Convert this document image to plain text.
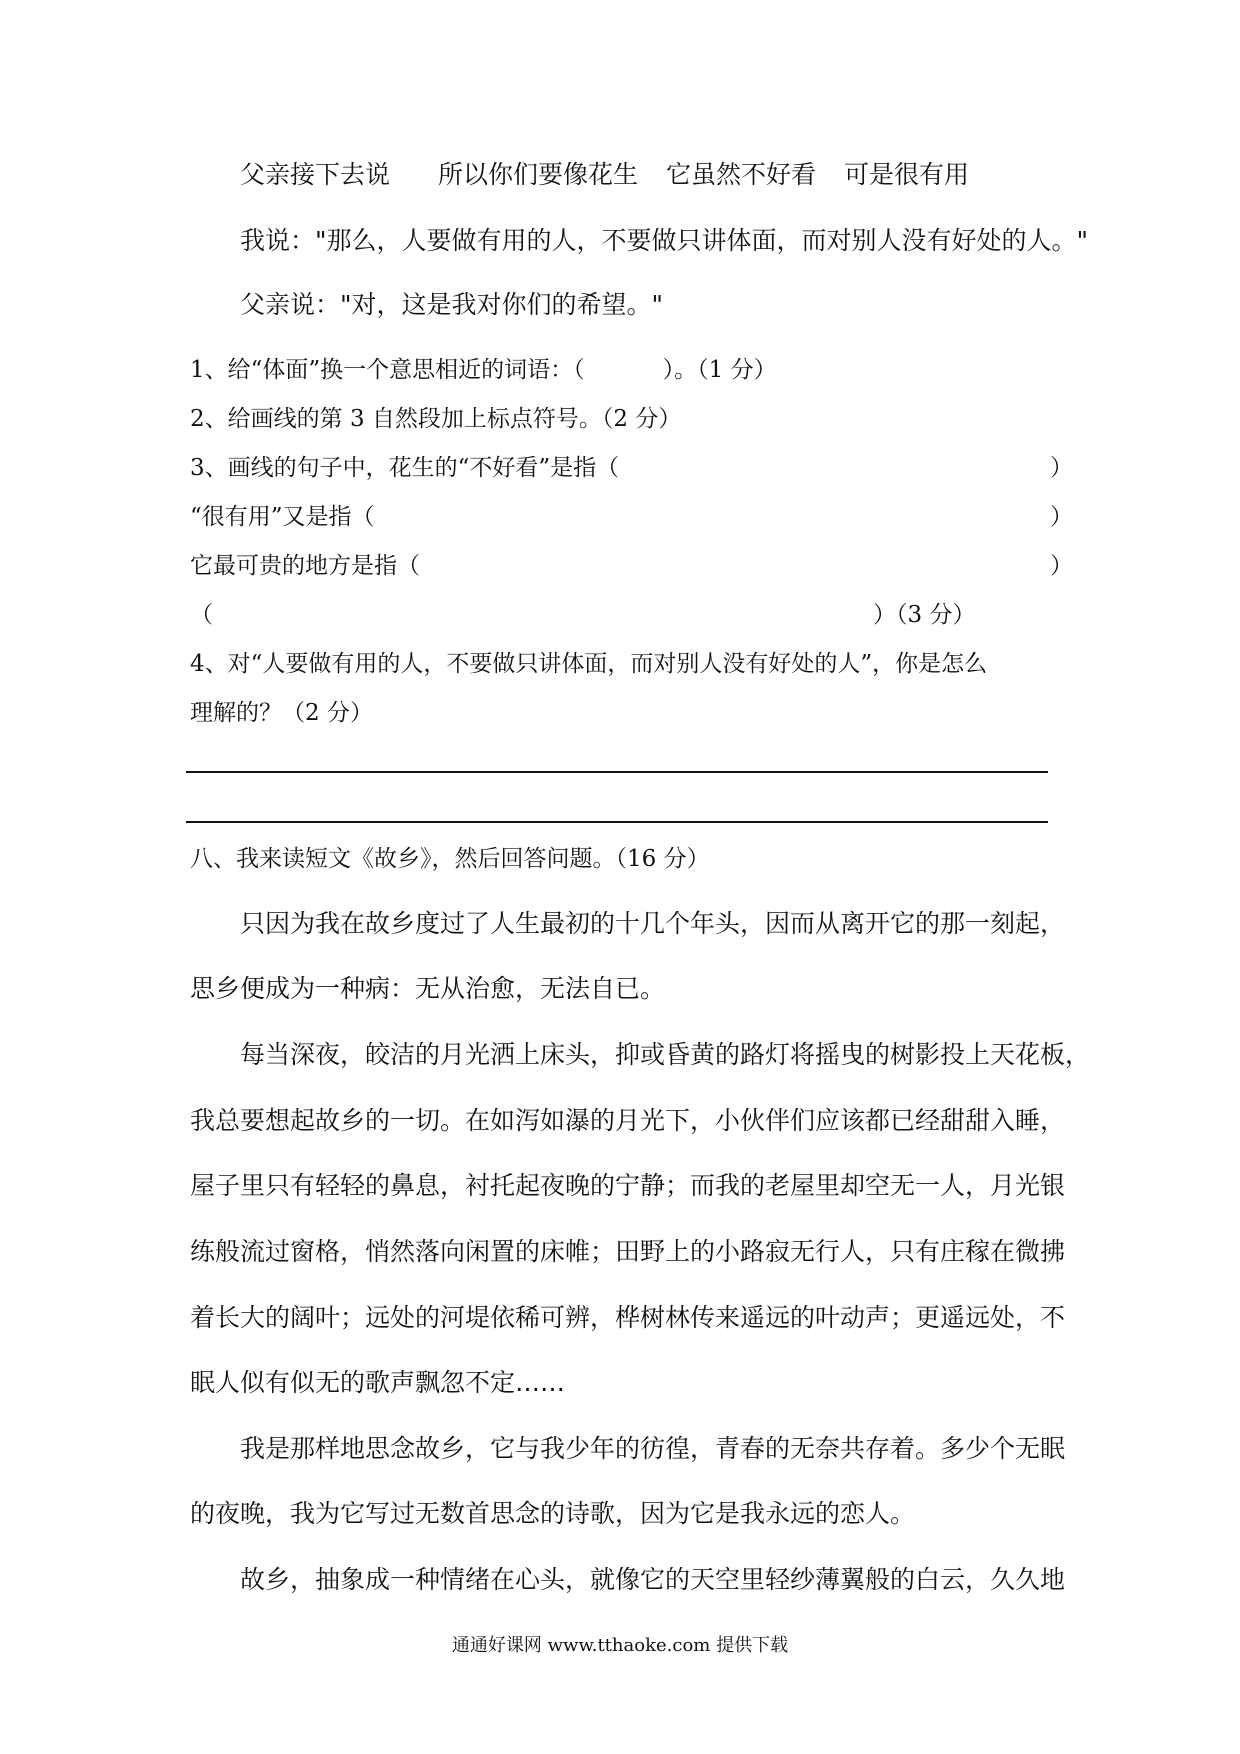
父亲接下去说 所以你们要像花生 它虽然不好看 可是很有用
我说："那么，人要做有用的人，不要做只讲体面，而对别人没有好处的人。"
父亲说："对，这是我对你们的希望。"
1、给“体面”换一个意思相近的词语：（	）。（1 分）
2、给画线的第 3 自然段加上标点符号。（2 分）
3、画线的句子中，花生的“不好看”是指（	）
“很有用”又是指（	）
它最可贵的地方是指（	）
（	）（3 分）
4、对“人要做有用的人，不要做只讲体面，而对别人没有好处的人”，你是怎么
理解的？（2 分）
八、我来读短文《故乡》，然后回答问题。（16 分）
只因为我在故乡度过了人生最初的十几个年头，因而从离开它的那一刻起，
思乡便成为一种病：无从治愈，无法自已。
每当深夜，皎洁的月光洒上床头，抑或昏黄的路灯将摇曳的树影投上天花板，
我总要想起故乡的一切。在如泻如瀑的月光下，小伙伴们应该都已经甜甜入睡，
屋子里只有轻轻的鼻息，衬托起夜晚的宁静；而我的老屋里却空无一人，月光银
练般流过窗格，悄然落向闲置的床帷；田野上的小路寂无行人，只有庄稼在微拂
着长大的阔叶；远处的河堤依稀可辨，桦树林传来遥远的叶动声；更遥远处，不
眠人似有似无的歌声飘忽不定……
我是那样地思念故乡，它与我少年的彷徨，青春的无奈共存着。多少个无眠
的夜晚，我为它写过无数首思念的诗歌，因为它是我永远的恋人。
故乡，抽象成一种情绪在心头，就像它的天空里轻纱薄翼般的白云，久久地
通通好课网 www.tthaoke.com 提供下载
